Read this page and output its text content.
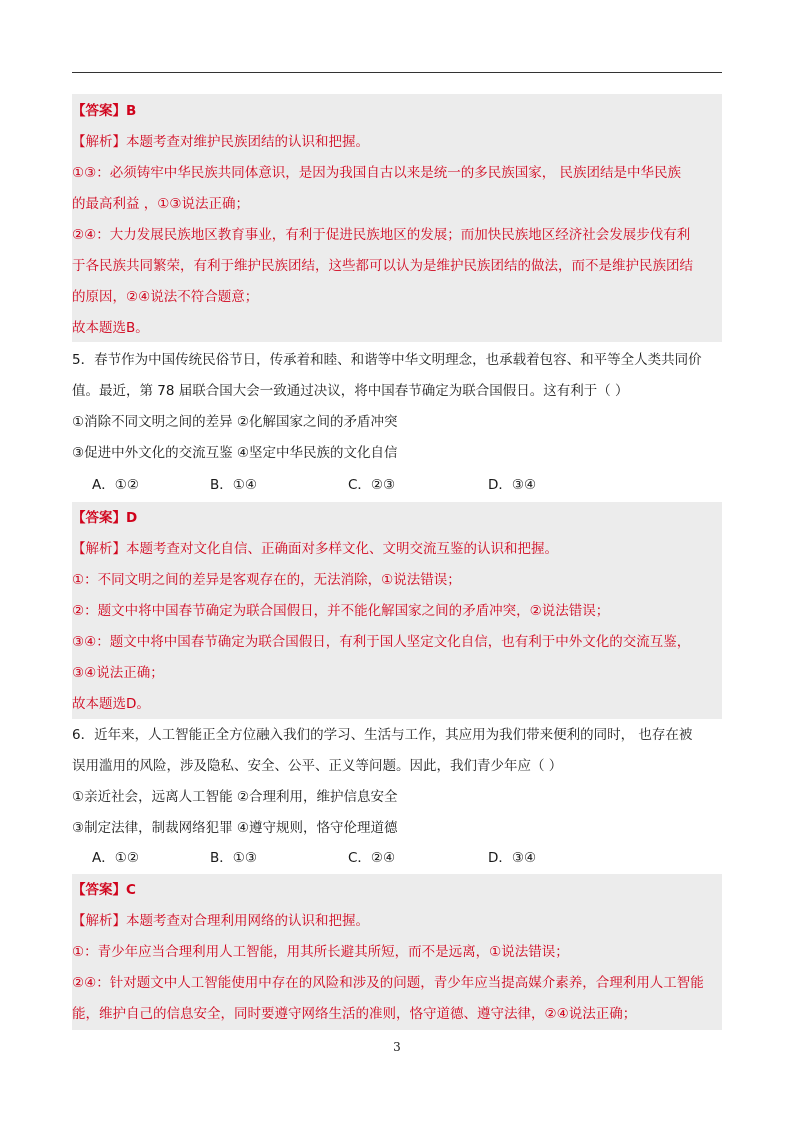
【答案】B
【解析】本题考查对维护民族团结的认识和把握。
①③：必须铸牢中华民族共同体意识，是因为我国自古以来是统一的多民族国家， 民族团结是中华民族
的最高利益 ，①③说法正确；
②④：大力发展民族地区教育事业，有利于促进民族地区的发展；而加快民族地区经济社会发展步伐有利
于各民族共同繁荣，有利于维护民族团结，这些都可以认为是维护民族团结的做法，而不是维护民族团结
的原因，②④说法不符合题意；
故本题选B。
5．春节作为中国传统民俗节日，传承着和睦、和谐等中华文明理念，也承载着包容、和平等全人类共同价
值。最近，第 78 届联合国大会一致通过决议，将中国春节确定为联合国假日。这有利于（ ）
①消除不同文明之间的差异 ②化解国家之间的矛盾冲突
③促进中外文化的交流互鉴 ④坚定中华民族的文化自信
A．①②	B．①④	C．②③	D．③④
【答案】D
【解析】本题考查对文化自信、正确面对多样文化、文明交流互鉴的认识和把握。
①：不同文明之间的差异是客观存在的，无法消除，①说法错误；
②：题文中将中国春节确定为联合国假日，并不能化解国家之间的矛盾冲突，②说法错误；
③④：题文中将中国春节确定为联合国假日，有利于国人坚定文化自信，也有利于中外文化的交流互鉴，
③④说法正确；
故本题选D。
6．近年来，人工智能正全方位融入我们的学习、生活与工作，其应用为我们带来便利的同时， 也存在被
误用滥用的风险，涉及隐私、安全、公平、正义等问题。因此，我们青少年应（ ）
①亲近社会，远离人工智能 ②合理利用，维护信息安全
③制定法律，制裁网络犯罪 ④遵守规则，恪守伦理道德
A．①②	B．①③	C．②④	D．③④
【答案】C
【解析】本题考查对合理利用网络的认识和把握。
①：青少年应当合理利用人工智能，用其所长避其所短，而不是远离，①说法错误；
②④：针对题文中人工智能使用中存在的风险和涉及的问题，青少年应当提高媒介素养，合理利用人工智能
能，维护自己的信息安全，同时要遵守网络生活的准则，恪守道德、遵守法律，②④说法正确；
3
